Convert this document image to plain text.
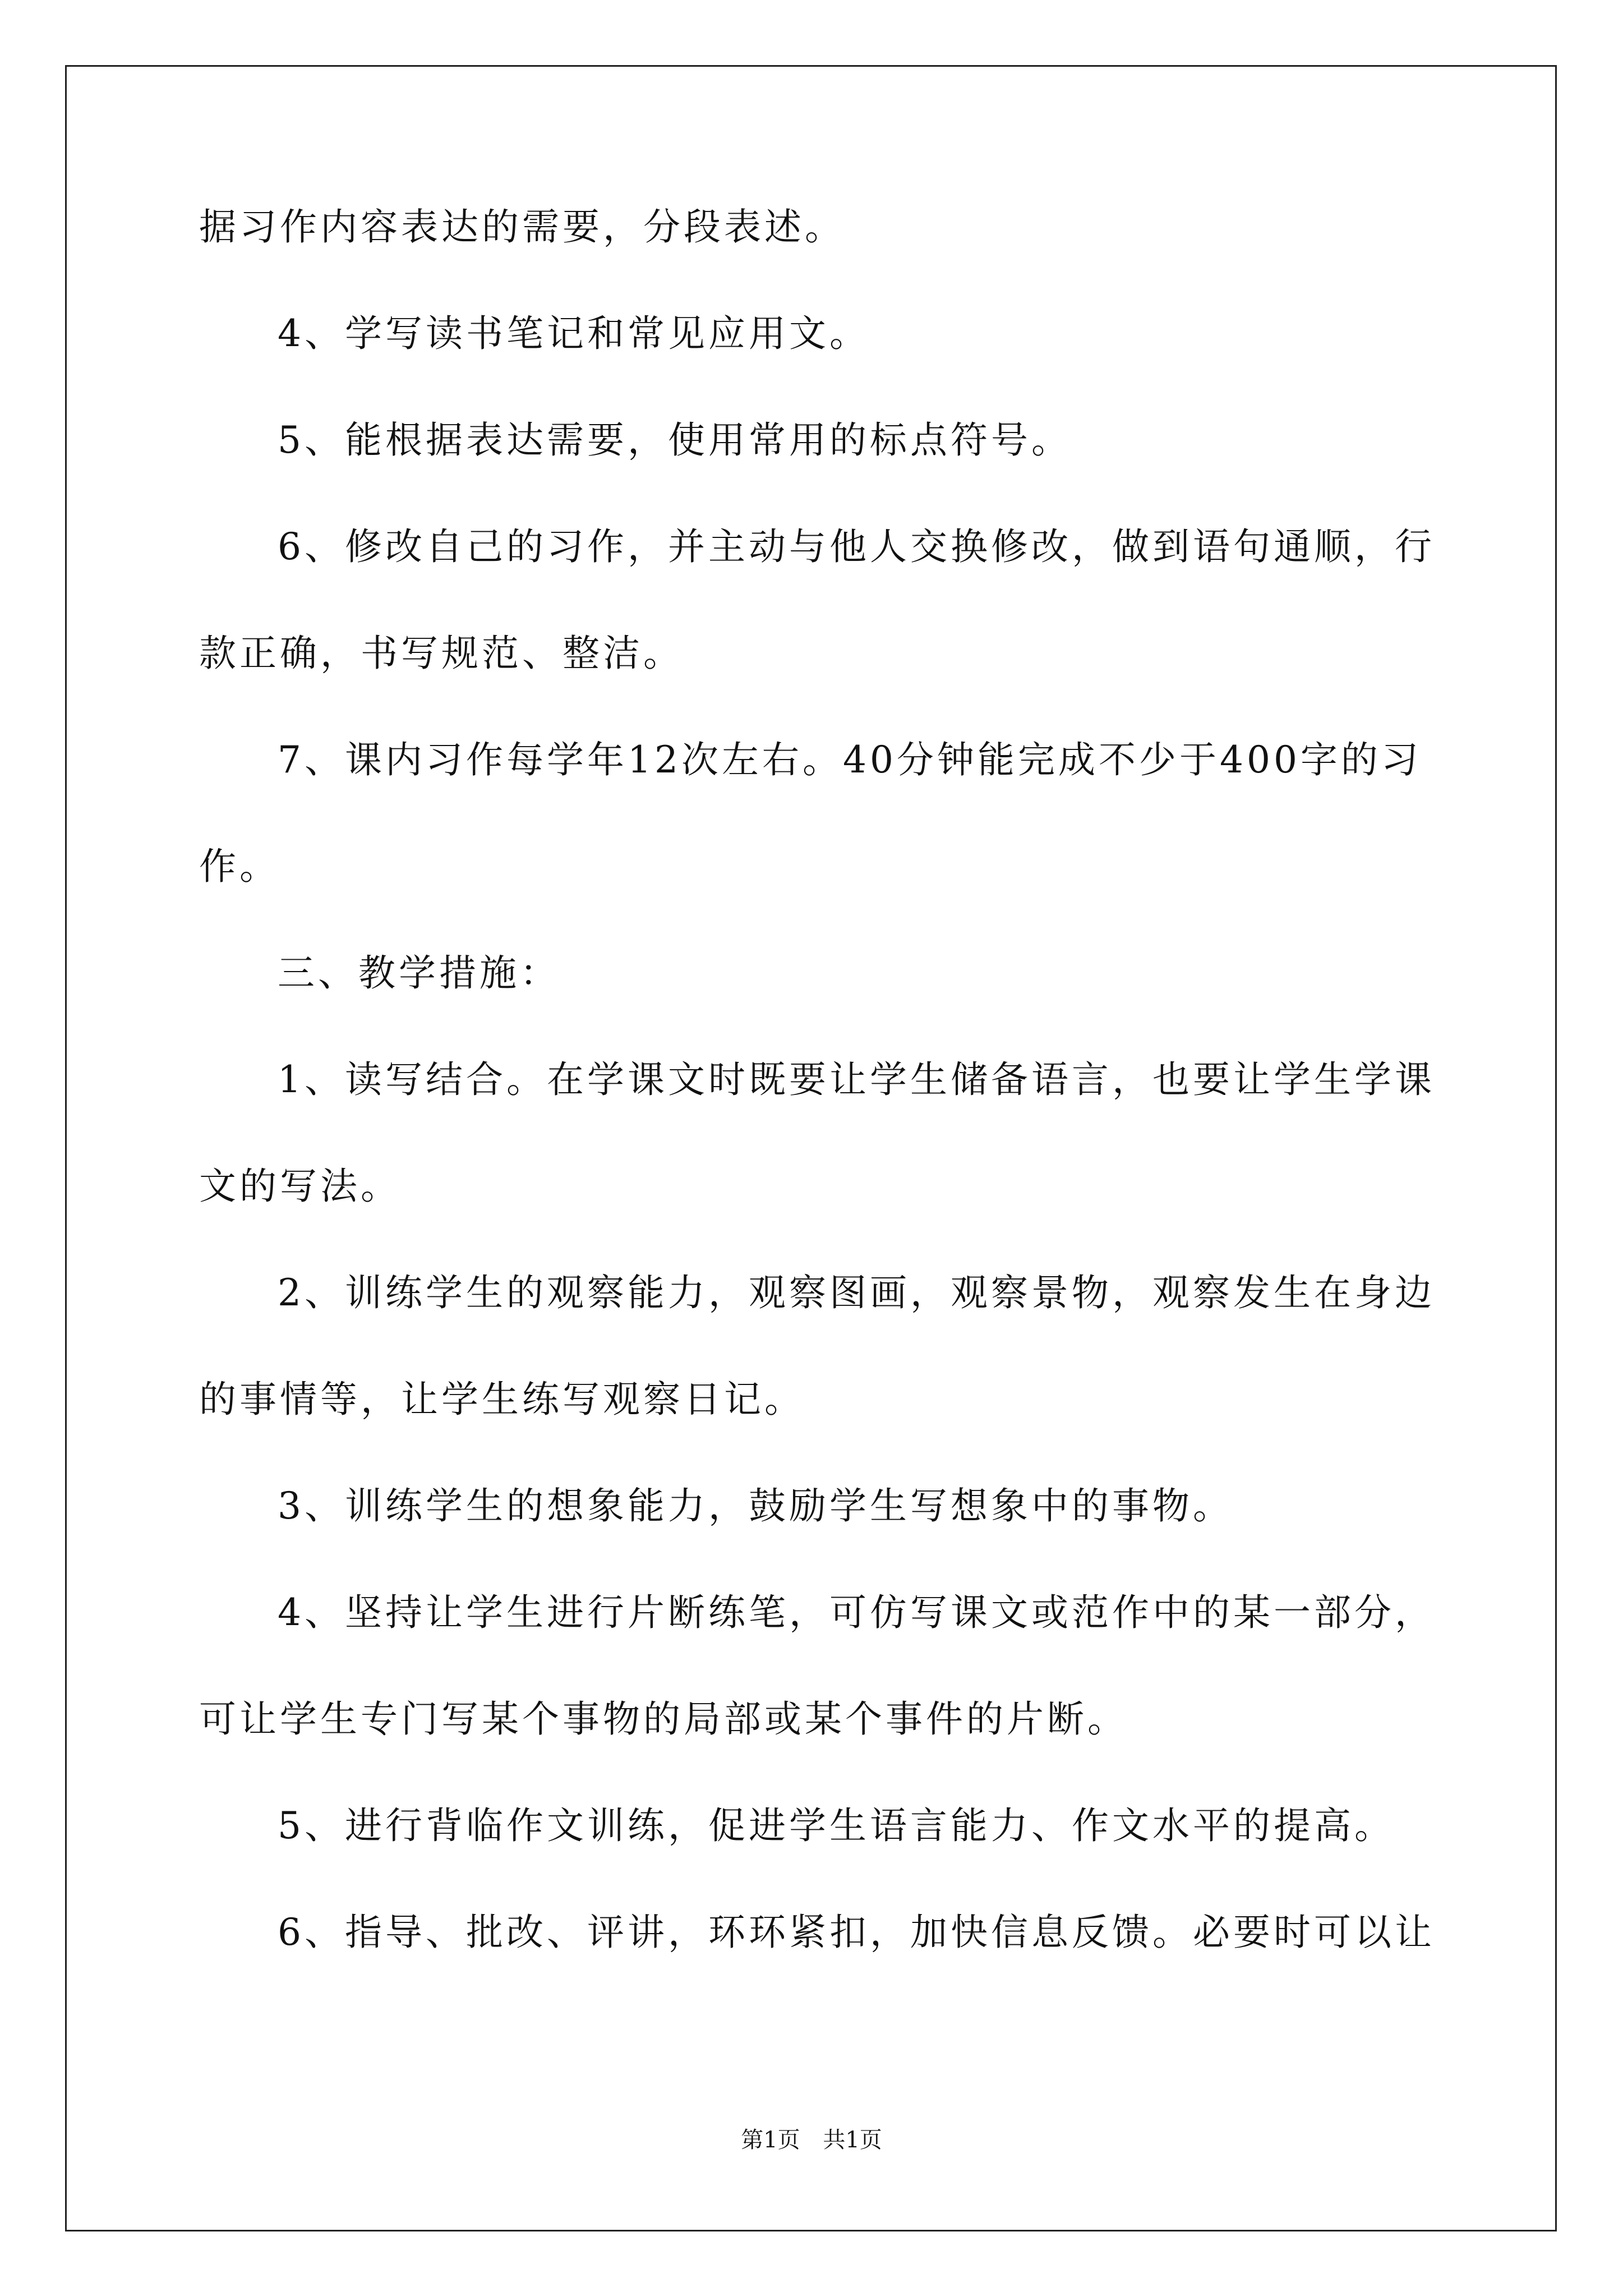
据习作内容表达的需要，分段表述。
4、学写读书笔记和常见应用文。
5、能根据表达需要，使用常用的标点符号。
6、修改自己的习作，并主动与他人交换修改，做到语句通顺，行
款正确，书写规范、整洁。
7、课内习作每学年12次左右。40分钟能完成不少于400字的习
作。
三、教学措施：
1、读写结合。在学课文时既要让学生储备语言，也要让学生学课
文的写法。
2、训练学生的观察能力，观察图画，观察景物，观察发生在身边
的事情等，让学生练写观察日记。
3、训练学生的想象能力，鼓励学生写想象中的事物。
4、坚持让学生进行片断练笔，可仿写课文或范作中的某一部分，
可让学生专门写某个事物的局部或某个事件的片断。
5、进行背临作文训练，促进学生语言能力、作文水平的提高。
6、指导、批改、评讲，环环紧扣，加快信息反馈。必要时可以让
第1页 共1页
